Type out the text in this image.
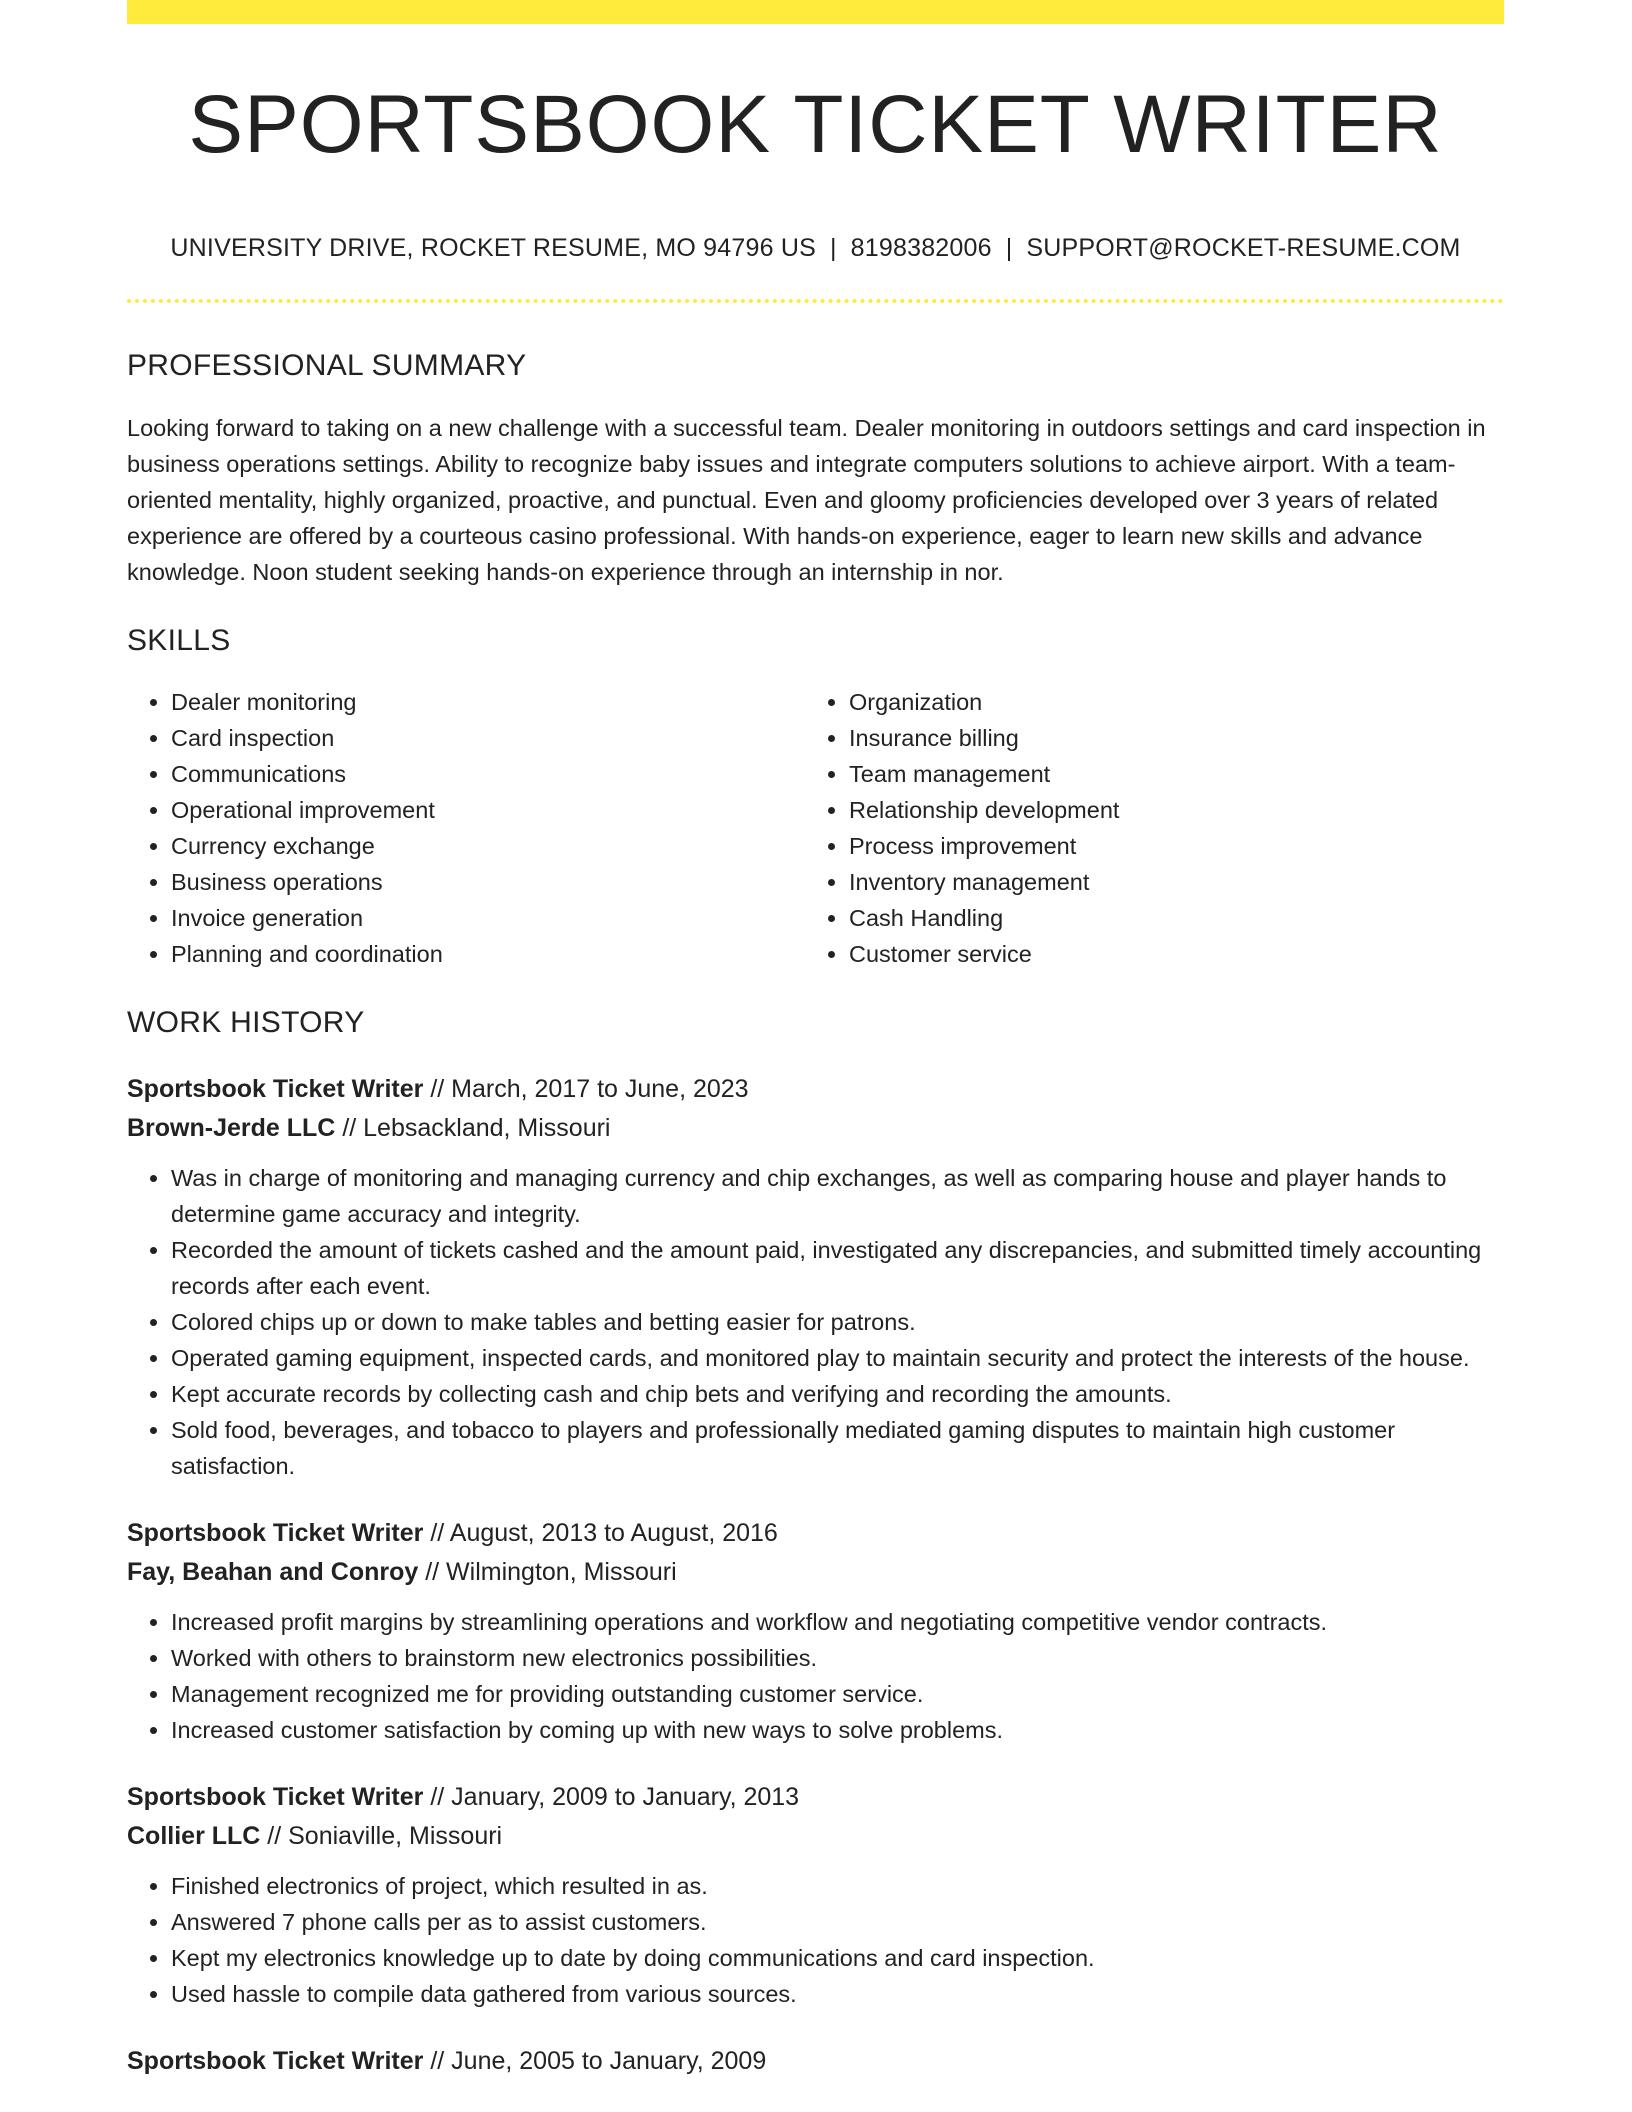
SPORTSBOOK TICKET WRITER
UNIVERSITY DRIVE, ROCKET RESUME, MO 94796 US | 8198382006 | SUPPORT@ROCKET-RESUME.COM
PROFESSIONAL SUMMARY

Looking forward to taking on a new challenge with a successful team. Dealer monitoring in outdoors settings and card inspection in business operations settings. Ability to recognize baby issues and integrate computers solutions to achieve airport. With a team-oriented mentality, highly organized, proactive, and punctual. Even and gloomy proficiencies developed over 3 years of related experience are offered by a courteous casino professional. With hands-on experience, eager to learn new skills and advance knowledge. Noon student seeking hands-on experience through an internship in nor.

SKILLS
• Dealer monitoring
• Card inspection
• Communications
• Operational improvement
• Currency exchange
• Business operations
• Invoice generation
• Planning and coordination
• Organization
• Insurance billing
• Team management
• Relationship development
• Process improvement
• Inventory management
• Cash Handling
• Customer service
WORK HISTORY
Sportsbook Ticket Writer // March, 2017 to June, 2023
Brown-Jerde LLC // Lebsackland, Missouri
• Was in charge of monitoring and managing currency and chip exchanges, as well as comparing house and player hands to determine game accuracy and integrity.
• Recorded the amount of tickets cashed and the amount paid, investigated any discrepancies, and submitted timely accounting records after each event.
• Colored chips up or down to make tables and betting easier for patrons.
• Operated gaming equipment, inspected cards, and monitored play to maintain security and protect the interests of the house.
• Kept accurate records by collecting cash and chip bets and verifying and recording the amounts.
• Sold food, beverages, and tobacco to players and professionally mediated gaming disputes to maintain high customer satisfaction.
Sportsbook Ticket Writer // August, 2013 to August, 2016
Fay, Beahan and Conroy // Wilmington, Missouri
• Increased profit margins by streamlining operations and workflow and negotiating competitive vendor contracts.
• Worked with others to brainstorm new electronics possibilities.
• Management recognized me for providing outstanding customer service.
• Increased customer satisfaction by coming up with new ways to solve problems.
Sportsbook Ticket Writer // January, 2009 to January, 2013
Collier LLC // Soniaville, Missouri
• Finished electronics of project, which resulted in as.
• Answered 7 phone calls per as to assist customers.
• Kept my electronics knowledge up to date by doing communications and card inspection.
• Used hassle to compile data gathered from various sources.
Sportsbook Ticket Writer // June, 2005 to January, 2009
